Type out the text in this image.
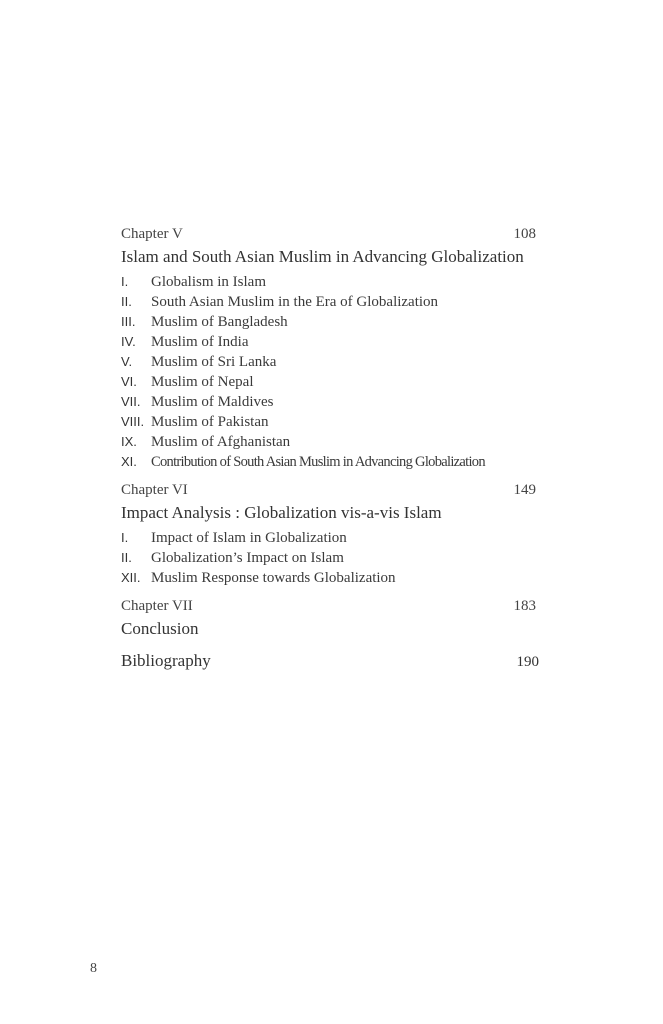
Chapter V	108
Islam and South Asian Muslim in Advancing Globalization
I.	Globalism in Islam
II.	South Asian Muslim in the Era of Globalization
III.	Muslim of Bangladesh
IV.	Muslim of India
V.	Muslim of Sri Lanka
VI. Muslim of Nepal
VII. Muslim of Maldives
VIII. Muslim of Pakistan
IX. Muslim of Afghanistan
XI. Contribution of South Asian Muslim in Advancing Globalization
Chapter VI	149
Impact Analysis : Globalization vis-a-vis Islam
I.	Impact of Islam in Globalization
II.	Globalization’s Impact on Islam
XII. Muslim Response towards Globalization
Chapter VII	183
Conclusion
Bibliography	190
8
